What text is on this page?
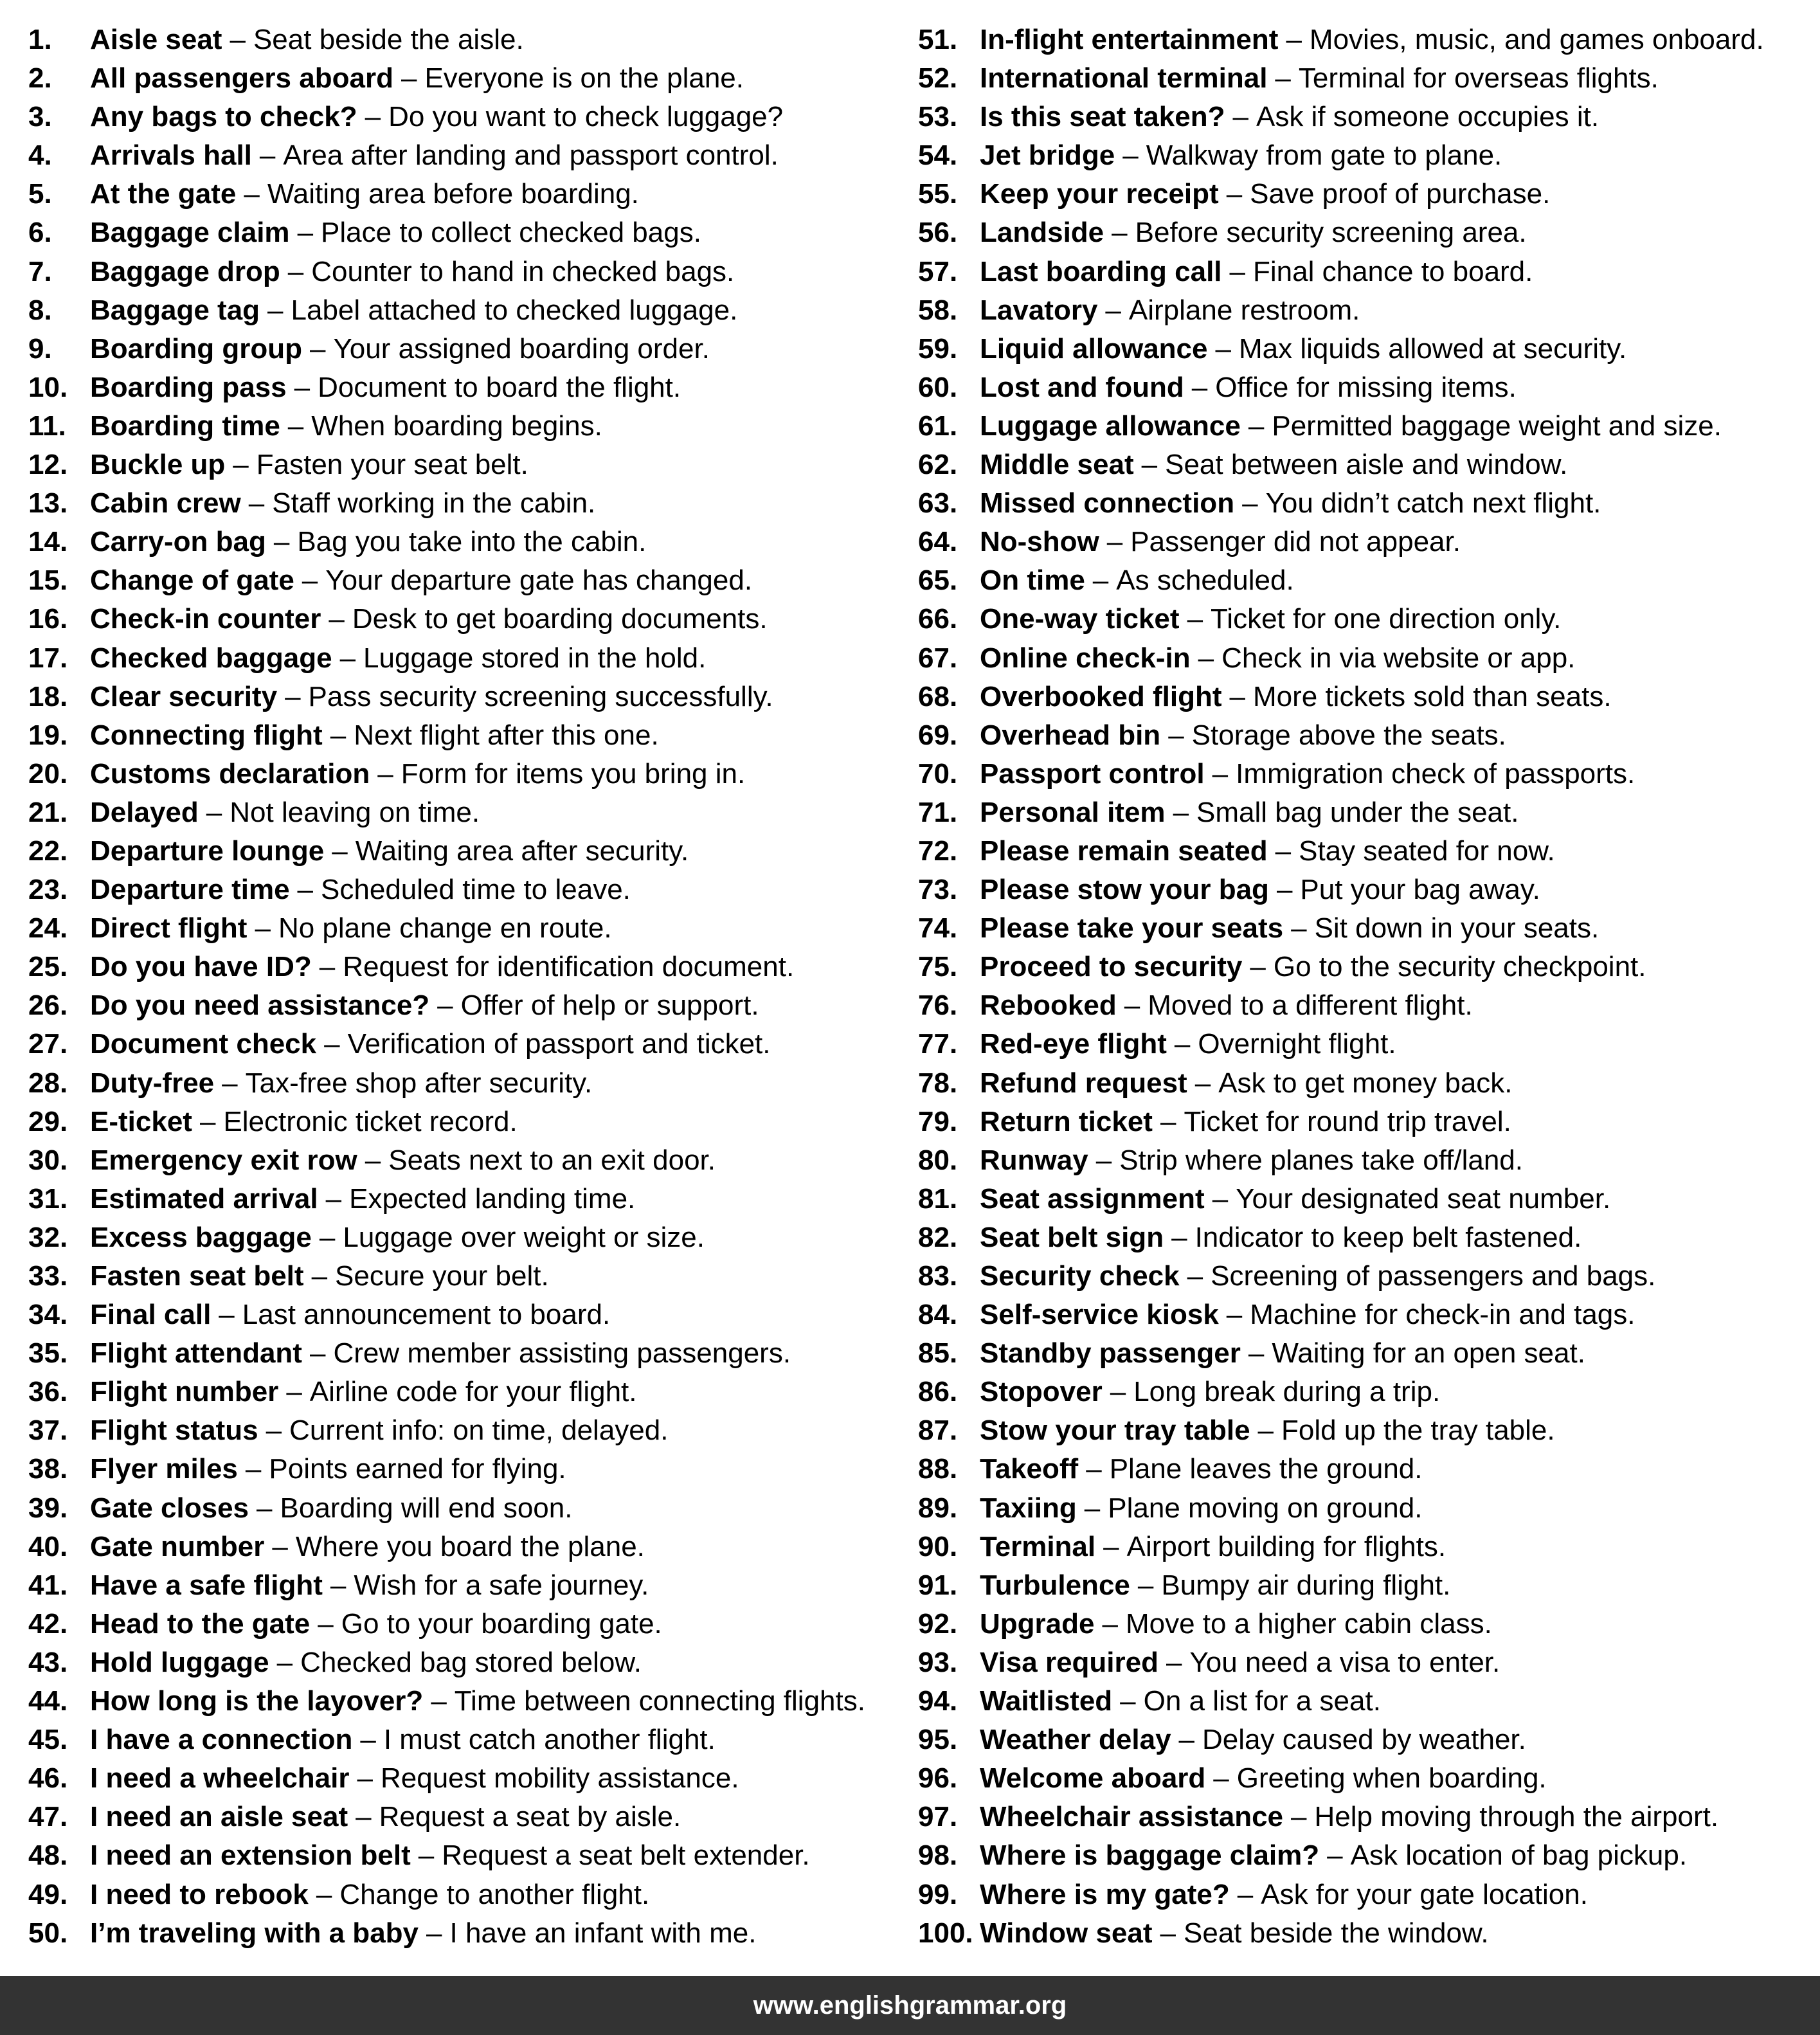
1.	Aisle seat – Seat beside the aisle.
2.	All passengers aboard – Everyone is on the plane.
3.	Any bags to check? – Do you want to check luggage?
4.	Arrivals hall – Area after landing and passport control.
5.	At the gate – Waiting area before boarding.
6.	Baggage claim – Place to collect checked bags.
7.	Baggage drop – Counter to hand in checked bags.
8.	Baggage tag – Label attached to checked luggage.
9.	Boarding group – Your assigned boarding order.
10. Boarding pass – Document to board the flight.
11. Boarding time – When boarding begins.
12. Buckle up – Fasten your seat belt.
13. Cabin crew – Staff working in the cabin.
14. Carry-on bag – Bag you take into the cabin.
15. Change of gate – Your departure gate has changed.
16. Check-in counter – Desk to get boarding documents.
17. Checked baggage – Luggage stored in the hold.
18. Clear security – Pass security screening successfully.
19. Connecting flight – Next flight after this one.
20. Customs declaration – Form for items you bring in.
21. Delayed – Not leaving on time.
22. Departure lounge – Waiting area after security.
23. Departure time – Scheduled time to leave.
24. Direct flight – No plane change en route.
25. Do you have ID? – Request for identification document.
26. Do you need assistance? – Offer of help or support.
27. Document check – Verification of passport and ticket.
28. Duty-free – Tax-free shop after security.
29. E-ticket – Electronic ticket record.
30. Emergency exit row – Seats next to an exit door.
31. Estimated arrival – Expected landing time.
32. Excess baggage – Luggage over weight or size.
33. Fasten seat belt – Secure your belt.
34. Final call – Last announcement to board.
35. Flight attendant – Crew member assisting passengers.
36. Flight number – Airline code for your flight.
37. Flight status – Current info: on time, delayed.
38. Flyer miles – Points earned for flying.
39. Gate closes – Boarding will end soon.
40. Gate number – Where you board the plane.
41. Have a safe flight – Wish for a safe journey.
42. Head to the gate – Go to your boarding gate.
43. Hold luggage – Checked bag stored below.
44. How long is the layover? – Time between connecting flights.
45. I have a connection – I must catch another flight.
46. I need a wheelchair – Request mobility assistance.
47. I need an aisle seat – Request a seat by aisle.
48. I need an extension belt – Request a seat belt extender.
49. I need to rebook – Change to another flight.
50. I’m traveling with a baby – I have an infant with me.
51. In-flight entertainment – Movies, music, and games onboard.
52. International terminal – Terminal for overseas flights.
53. Is this seat taken? – Ask if someone occupies it.
54. Jet bridge – Walkway from gate to plane.
55. Keep your receipt – Save proof of purchase.
56. Landside – Before security screening area.
57. Last boarding call – Final chance to board.
58. Lavatory – Airplane restroom.
59. Liquid allowance – Max liquids allowed at security.
60. Lost and found – Office for missing items.
61. Luggage allowance – Permitted baggage weight and size.
62. Middle seat – Seat between aisle and window.
63. Missed connection – You didn’t catch next flight.
64. No-show – Passenger did not appear.
65. On time – As scheduled.
66. One-way ticket – Ticket for one direction only.
67. Online check-in – Check in via website or app.
68. Overbooked flight – More tickets sold than seats.
69. Overhead bin – Storage above the seats.
70. Passport control – Immigration check of passports.
71. Personal item – Small bag under the seat.
72. Please remain seated – Stay seated for now.
73. Please stow your bag – Put your bag away.
74. Please take your seats – Sit down in your seats.
75. Proceed to security – Go to the security checkpoint.
76. Rebooked – Moved to a different flight.
77. Red-eye flight – Overnight flight.
78. Refund request – Ask to get money back.
79. Return ticket – Ticket for round trip travel.
80. Runway – Strip where planes take off/land.
81. Seat assignment – Your designated seat number.
82. Seat belt sign – Indicator to keep belt fastened.
83. Security check – Screening of passengers and bags.
84. Self-service kiosk – Machine for check-in and tags.
85. Standby passenger – Waiting for an open seat.
86. Stopover – Long break during a trip.
87. Stow your tray table – Fold up the tray table.
88. Takeoff – Plane leaves the ground.
89. Taxiing – Plane moving on ground.
90. Terminal – Airport building for flights.
91. Turbulence – Bumpy air during flight.
92. Upgrade – Move to a higher cabin class.
93. Visa required – You need a visa to enter.
94. Waitlisted – On a list for a seat.
95. Weather delay – Delay caused by weather.
96. Welcome aboard – Greeting when boarding.
97. Wheelchair assistance – Help moving through the airport.
98. Where is baggage claim? – Ask location of bag pickup.
99. Where is my gate? – Ask for your gate location.
100. Window seat – Seat beside the window.
www.englishgrammar.org
